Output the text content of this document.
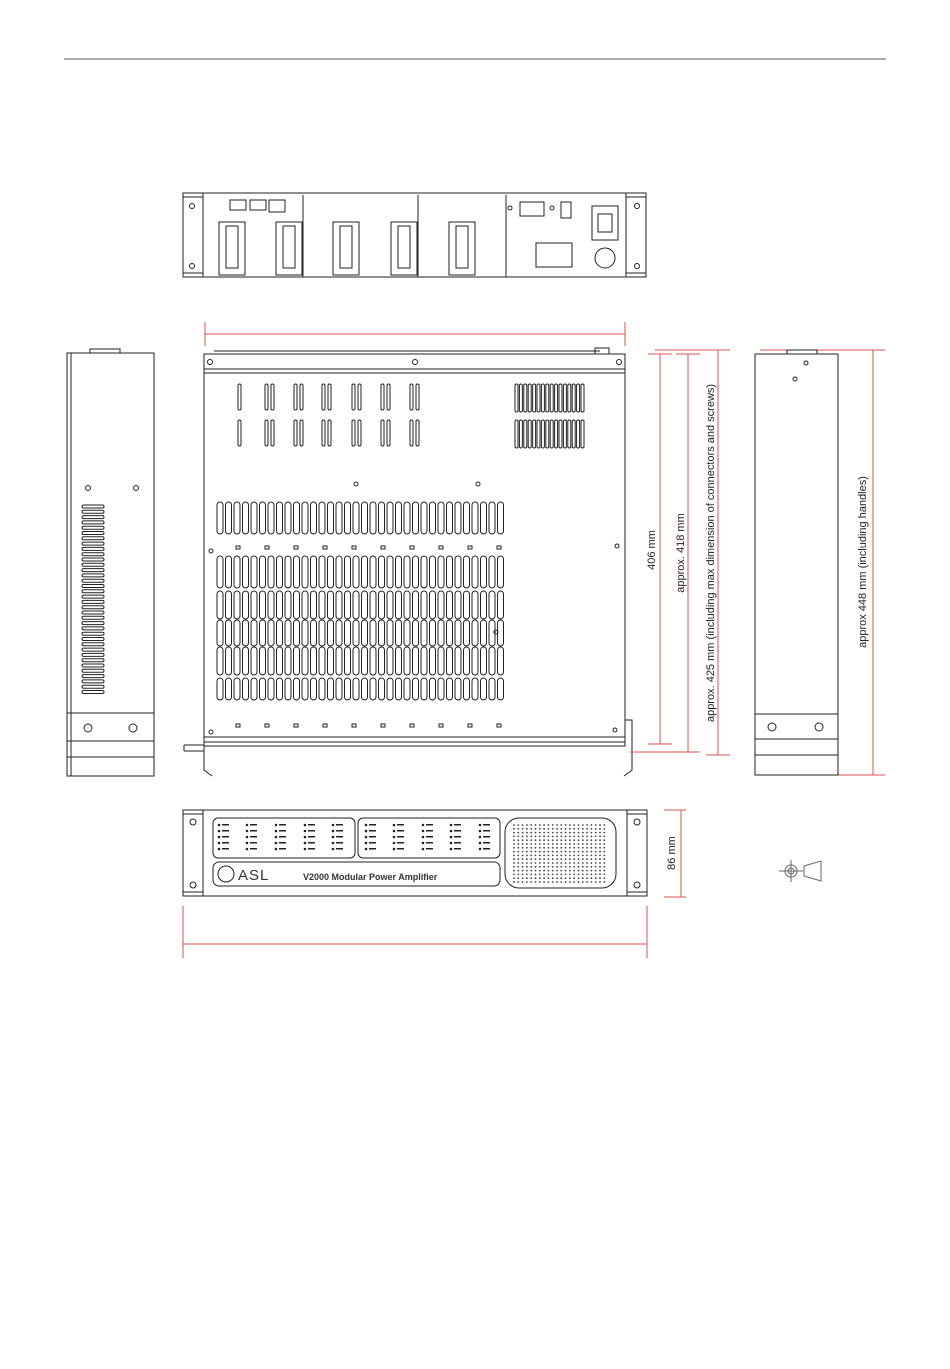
406 mm approx. 418 mm approx. 425 mm (including max dimension of connectors and screws)	approx 448 mm (including handles)
ASL	V2000 Modular Power Amplifier
86 mm
